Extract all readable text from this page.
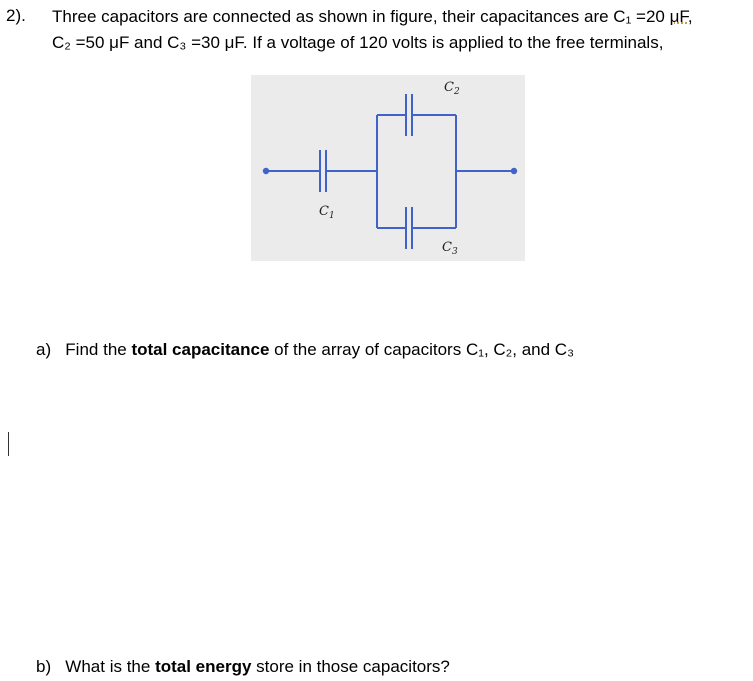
2). Three capacitors are connected as shown in figure, their capacitances are C₁ =20 μF,
C₂ =50 μF and C₃ =30 μF. If a voltage of 120 volts is applied to the free terminals,
$C_1$
$C_2$
$C_3$
a) Find the total capacitance of the array of capacitors C₁, C₂, and C₃
b) What is the total energy store in those capacitors?
